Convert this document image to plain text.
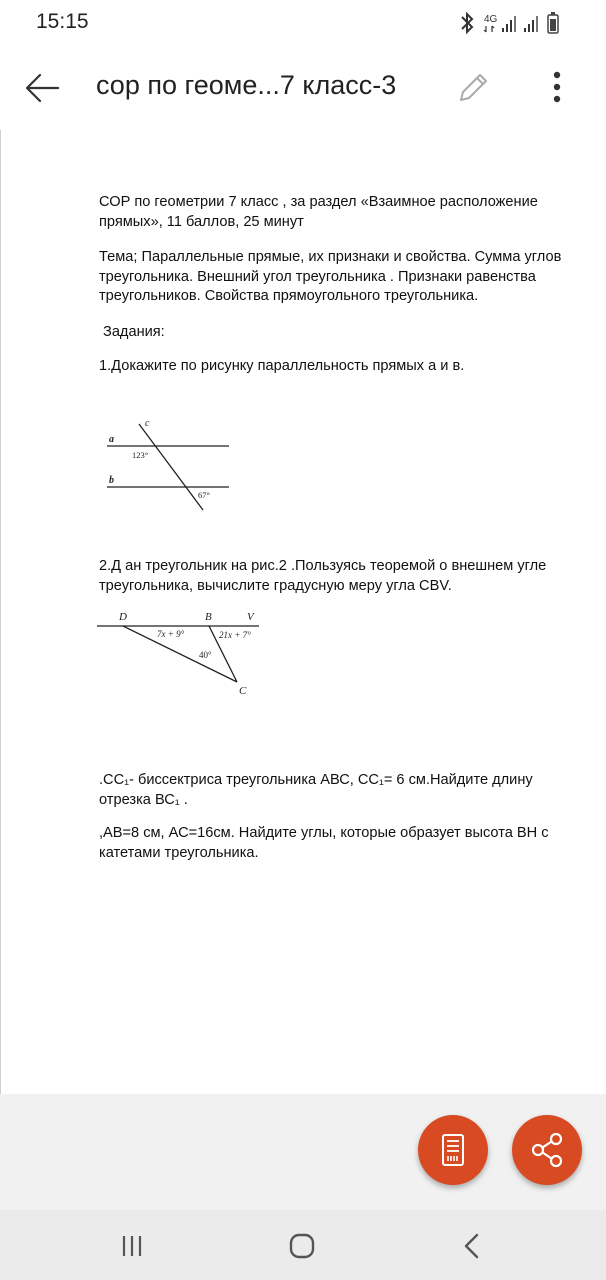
15:15	4G
сор по геоме...7 класс-3
СОР по геометрии 7 класс , за раздел «Взаимное расположение
прямых», 11 баллов, 25 минут
Тема; Параллельные прямые, их признаки и свойства. Сумма углов
треугольника. Внешний угол треугольника . Признаки равенства
треугольников. Свойства прямоугольного треугольника.
Задания:
1.Докажите по рисунку параллельность прямых а и в.
c
a
b
123°
67°
2.Д ан треугольник на рис.2 .Пользуясь теоремой о внешнем угле
треугольника, вычислите градусную меру угла CBV.
D	B	V
C
7x + 9°	21x + 7°
40°
.СС₁- биссектриса треугольника АВС, СС₁= 6 см.Найдите длину
отрезка ВС₁ .
,АВ=8 см, АС=16см. Найдите углы, которые образует высота ВН с
катетами треугольника.
